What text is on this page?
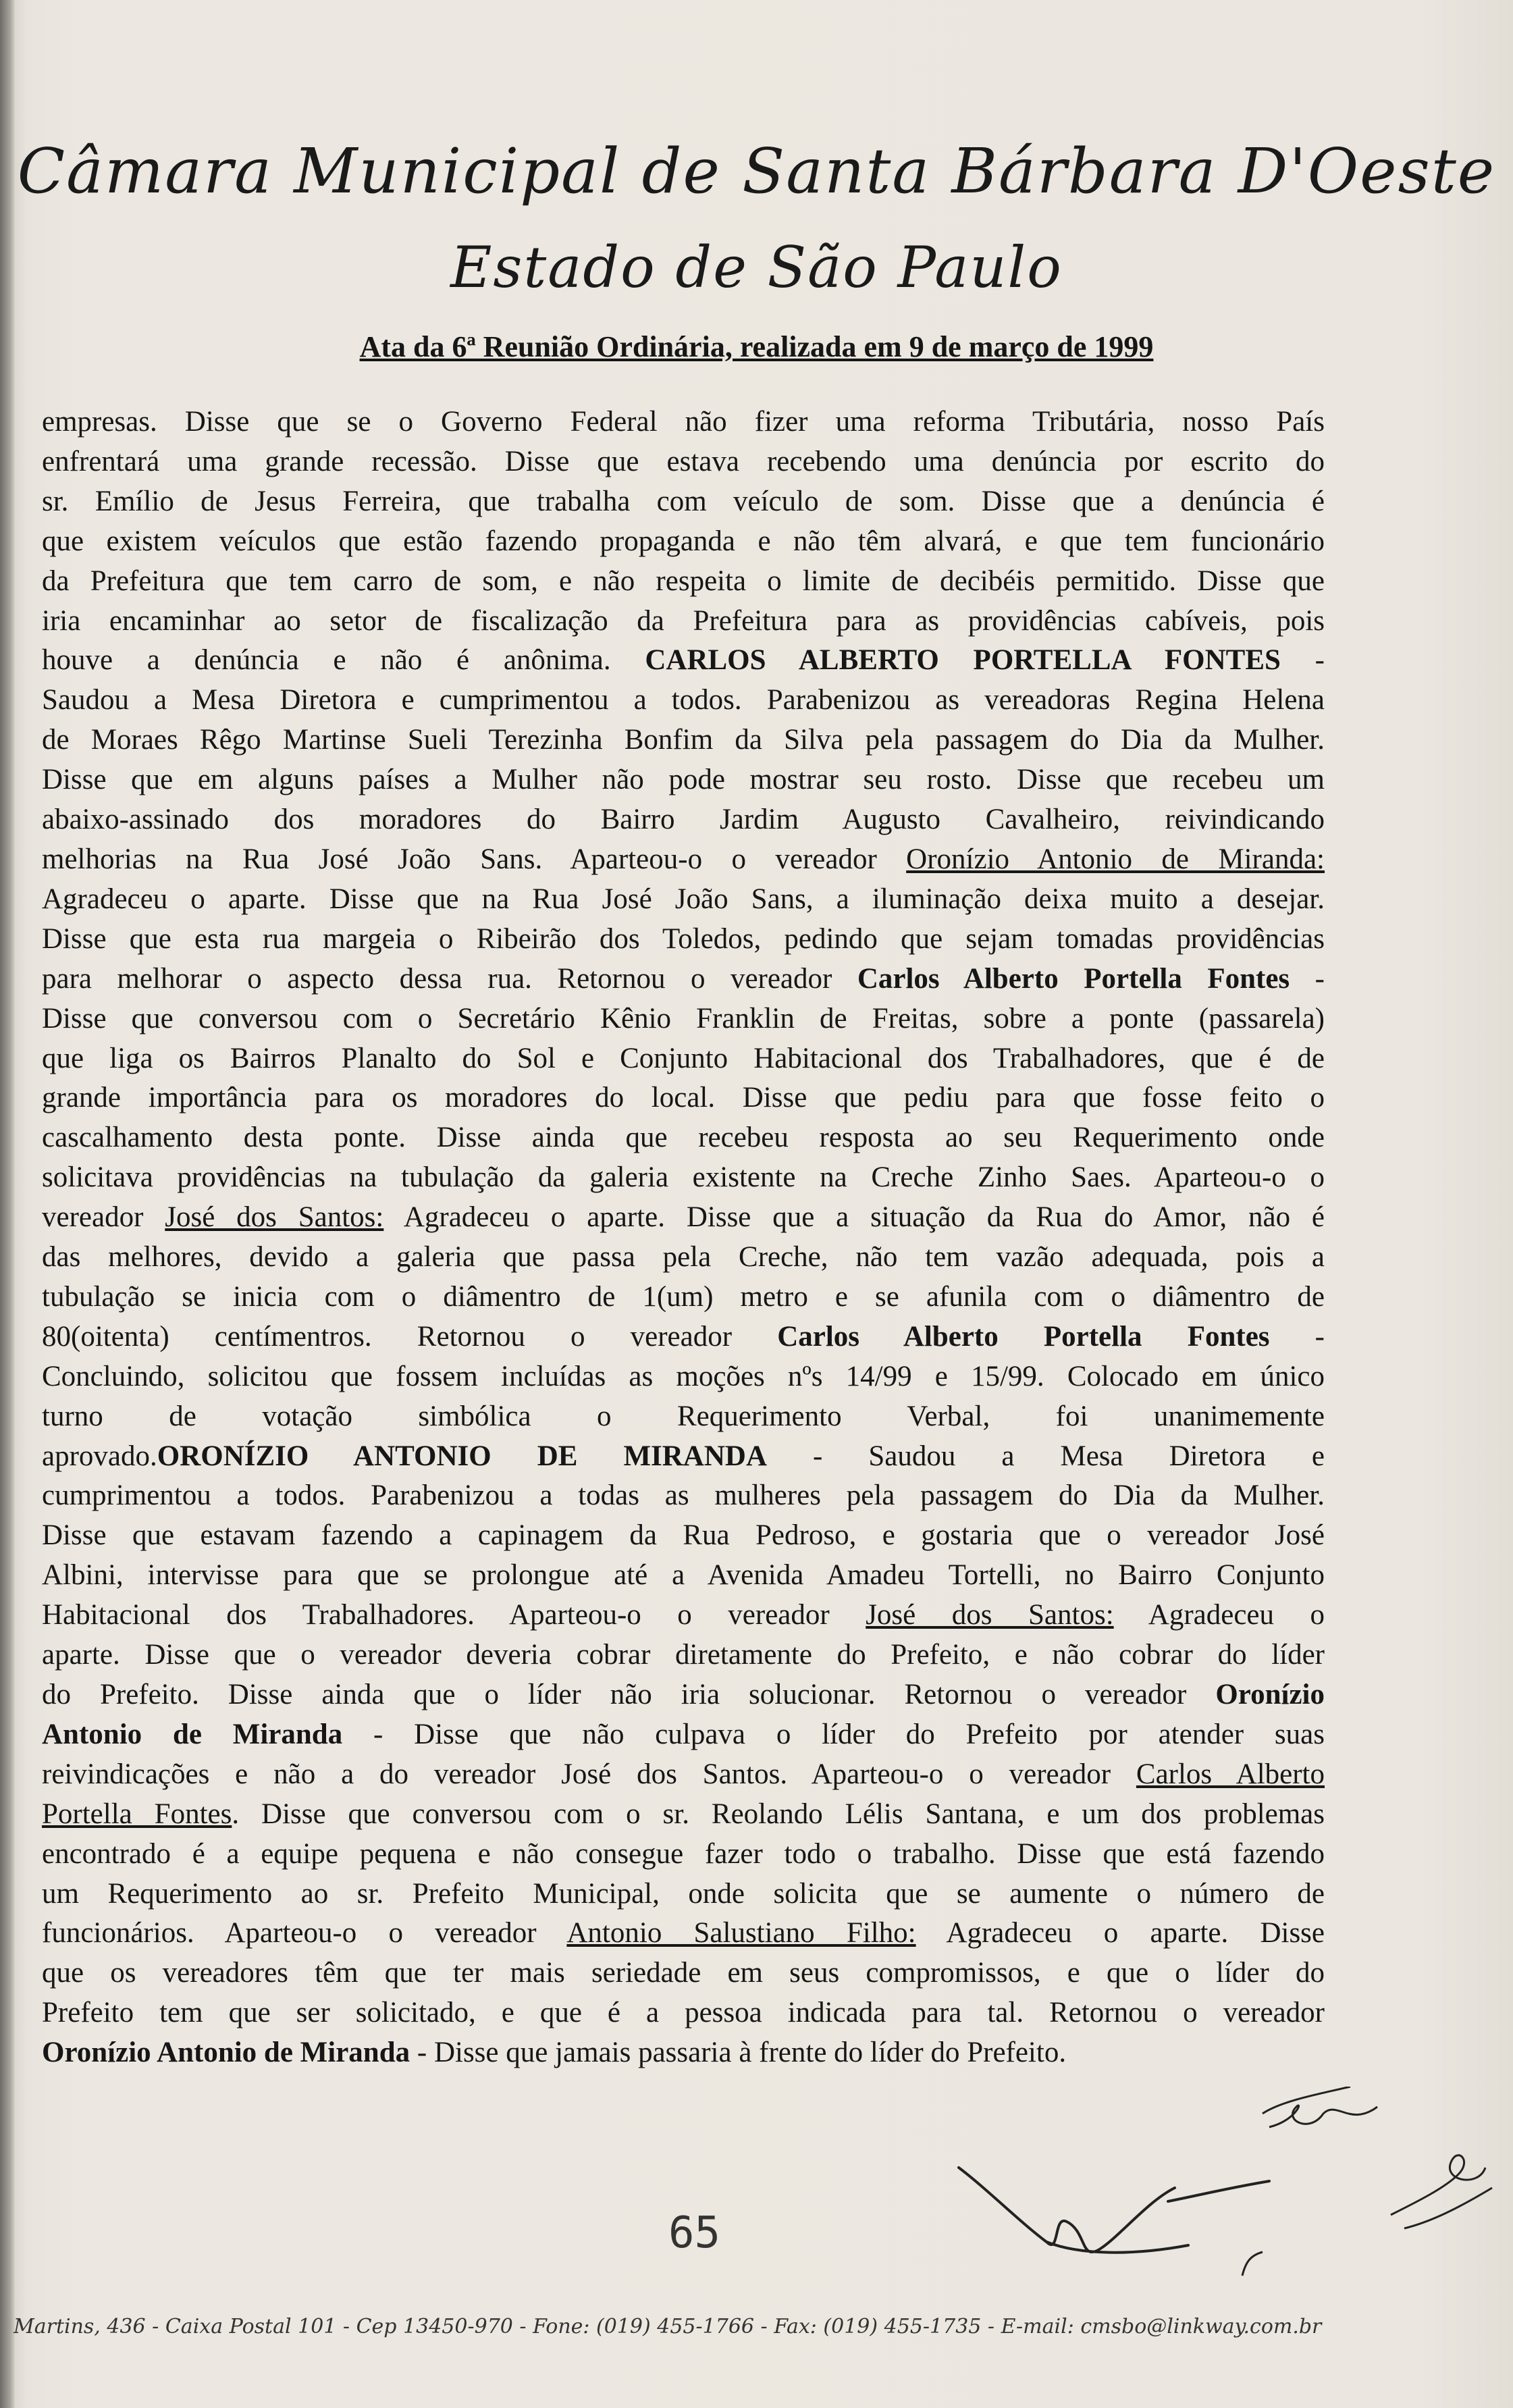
Câmara Municipal de Santa Bárbara D'Oeste
Estado de São Paulo
Ata da 6ª Reunião Ordinária, realizada em 9 de março de 1999
empresas. Disse que se o Governo Federal não fizer uma reforma Tributária, nosso País
enfrentará uma grande recessão. Disse que estava recebendo uma denúncia por escrito do
sr. Emílio de Jesus Ferreira, que trabalha com veículo de som. Disse que a denúncia é
que existem veículos que estão fazendo propaganda e não têm alvará, e que tem funcionário
da Prefeitura que tem carro de som, e não respeita o limite de decibéis permitido. Disse que
iria encaminhar ao setor de fiscalização da Prefeitura para as providências cabíveis, pois
houve a denúncia e não é anônima. CARLOS ALBERTO PORTELLA FONTES -
Saudou a Mesa Diretora e cumprimentou a todos. Parabenizou as vereadoras Regina Helena
de Moraes Rêgo Martinse Sueli Terezinha Bonfim da Silva pela passagem do Dia da Mulher.
Disse que em alguns países a Mulher não pode mostrar seu rosto. Disse que recebeu um
abaixo-assinado dos moradores do Bairro Jardim Augusto Cavalheiro, reivindicando
melhorias na Rua José João Sans. Aparteou-o o vereador Oronízio Antonio de Miranda:
Agradeceu o aparte. Disse que na Rua José João Sans, a iluminação deixa muito a desejar.
Disse que esta rua margeia o Ribeirão dos Toledos, pedindo que sejam tomadas providências
para melhorar o aspecto dessa rua. Retornou o vereador Carlos Alberto Portella Fontes -
Disse que conversou com o Secretário Kênio Franklin de Freitas, sobre a ponte (passarela)
que liga os Bairros Planalto do Sol e Conjunto Habitacional dos Trabalhadores, que é de
grande importância para os moradores do local. Disse que pediu para que fosse feito o
cascalhamento desta ponte. Disse ainda que recebeu resposta ao seu Requerimento onde
solicitava providências na tubulação da galeria existente na Creche Zinho Saes. Aparteou-o o
vereador José dos Santos: Agradeceu o aparte. Disse que a situação da Rua do Amor, não é
das melhores, devido a galeria que passa pela Creche, não tem vazão adequada, pois a
tubulação se inicia com o diâmentro de 1(um) metro e se afunila com o diâmentro de
80(oitenta) centímentros. Retornou o vereador Carlos Alberto Portella Fontes -
Concluindo, solicitou que fossem incluídas as moções nºs 14/99 e 15/99. Colocado em único
turno de votação simbólica o Requerimento Verbal, foi unanimemente
aprovado.ORONÍZIO ANTONIO DE MIRANDA - Saudou a Mesa Diretora e
cumprimentou a todos. Parabenizou a todas as mulheres pela passagem do Dia da Mulher.
Disse que estavam fazendo a capinagem da Rua Pedroso, e gostaria que o vereador José
Albini, intervisse para que se prolongue até a Avenida Amadeu Tortelli, no Bairro Conjunto
Habitacional dos Trabalhadores. Aparteou-o o vereador José dos Santos: Agradeceu o
aparte. Disse que o vereador deveria cobrar diretamente do Prefeito, e não cobrar do líder
do Prefeito. Disse ainda que o líder não iria solucionar. Retornou o vereador Oronízio
Antonio de Miranda - Disse que não culpava o líder do Prefeito por atender suas
reivindicações e não a do vereador José dos Santos. Aparteou-o o vereador Carlos Alberto
Portella Fontes. Disse que conversou com o sr. Reolando Lélis Santana, e um dos problemas
encontrado é a equipe pequena e não consegue fazer todo o trabalho. Disse que está fazendo
um Requerimento ao sr. Prefeito Municipal, onde solicita que se aumente o número de
funcionários. Aparteou-o o vereador Antonio Salustiano Filho: Agradeceu o aparte. Disse
que os vereadores têm que ter mais seriedade em seus compromissos, e que o líder do
Prefeito tem que ser solicitado, e que é a pessoa indicada para tal. Retornou o vereador
Oronízio Antonio de Miranda - Disse que jamais passaria à frente do líder do Prefeito.
65
Martins, 436 - Caixa Postal 101 - Cep 13450-970 - Fone: (019) 455-1766 - Fax: (019) 455-1735 - E-mail: cmsbo@linkway.com.br
